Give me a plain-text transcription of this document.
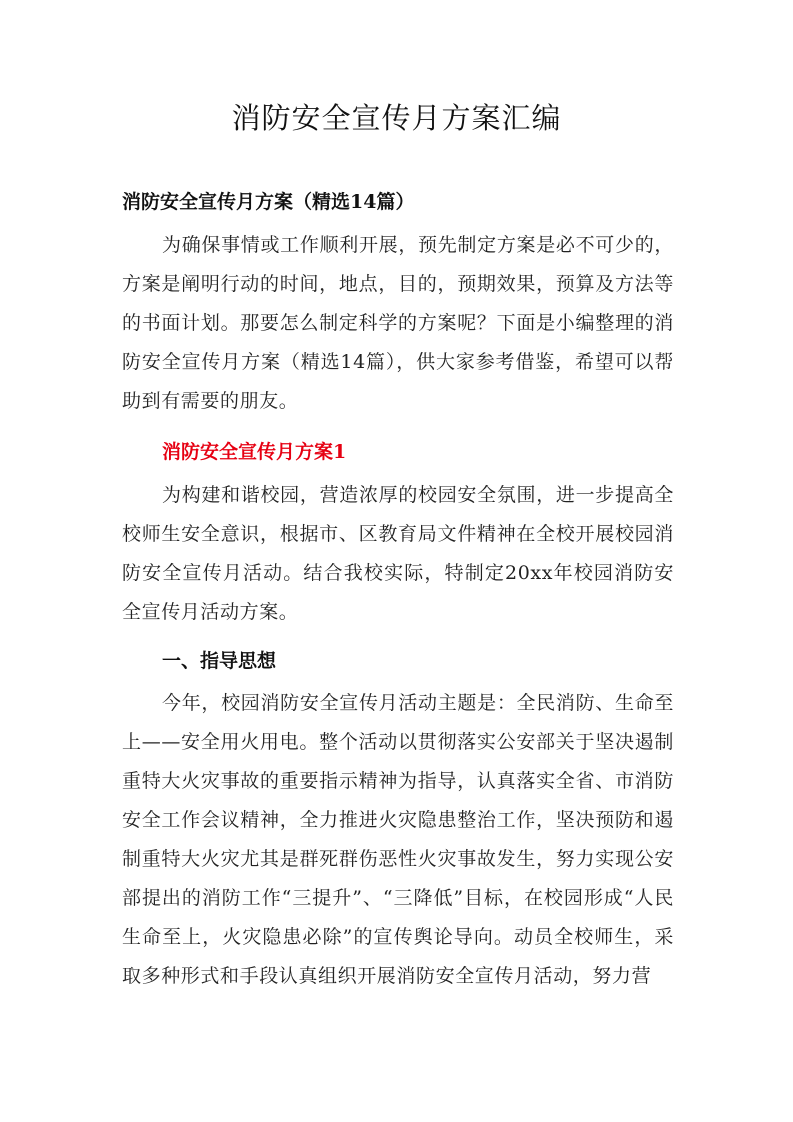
消防安全宣传月方案汇编

消防安全宣传月方案（精选14篇）

为确保事情或工作顺利开展，预先制定方案是必不可少的，方案是阐明行动的时间，地点，目的，预期效果，预算及方法等的书面计划。那要怎么制定科学的方案呢？下面是小编整理的消防安全宣传月方案（精选14篇），供大家参考借鉴，希望可以帮助到有需要的朋友。

消防安全宣传月方案1

为构建和谐校园，营造浓厚的校园安全氛围，进一步提高全校师生安全意识，根据市、区教育局文件精神在全校开展校园消防安全宣传月活动。结合我校实际，特制定20xx年校园消防安全宣传月活动方案。

一、指导思想

今年，校园消防安全宣传月活动主题是：全民消防、生命至上——安全用火用电。整个活动以贯彻落实公安部关于坚决遏制重特大火灾事故的重要指示精神为指导，认真落实全省、市消防安全工作会议精神，全力推进火灾隐患整治工作，坚决预防和遏制重特大火灾尤其是群死群伤恶性火灾事故发生，努力实现公安部提出的消防工作“三提升”、“三降低”目标，在校园形成“人民生命至上，火灾隐患必除”的宣传舆论导向。动员全校师生，采取多种形式和手段认真组织开展消防安全宣传月活动，努力营
